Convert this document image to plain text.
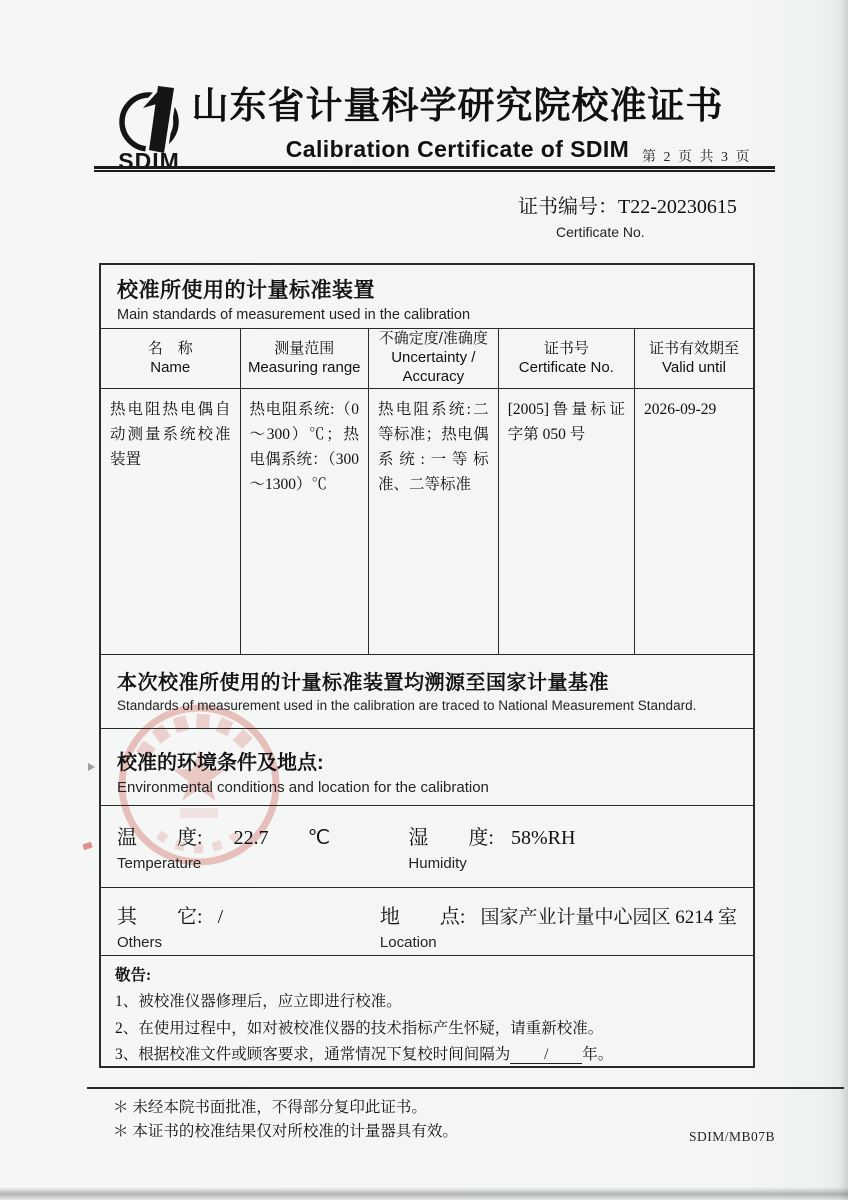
SDIM
山东省计量科学研究院校准证书
Calibration Certificate of SDIM 第 2 页 共 3 页
证书编号：T22-20230615
Certificate No.
校准所使用的计量标准装置
Main standards of measurement used in the calibration
名　称
Name
测量范围
Measuring range
不确定度/准确度
Uncertainty / Accuracy
证书号
Certificate No.
证书有效期至
Valid until
热电阻热电偶自动测量系统校准装置
热电阻系统:（0～300）℃；热电偶系统：（300～1300）℃
热电阻系统:二等标准；热电偶系统:一等标准、二等标准
[2005]鲁量标证字第 050 号
2026-09-29
本次校准所使用的计量标准装置均溯源至国家计量基准
Standards of measurement used in the calibration are traced to National Measurement Standard.
校准的环境条件及地点:
Environmental conditions and location for the calibration
温　　度: 22.7 ℃
Temperature
湿　　度: 58%RH
Humidity
其　　它: /
Others
地　　点: 国家产业计量中心园区 6214 室
Location
敬告:
1、被校准仪器修理后，应立即进行校准。
2、在使用过程中，如对被校准仪器的技术指标产生怀疑，请重新校准。
3、根据校准文件或顾客要求，通常情况下复校时间间隔为 / 年。
＊ 未经本院书面批准，不得部分复印此证书。
＊ 本证书的校准结果仅对所校准的计量器具有效。	SDIM/MB07B
